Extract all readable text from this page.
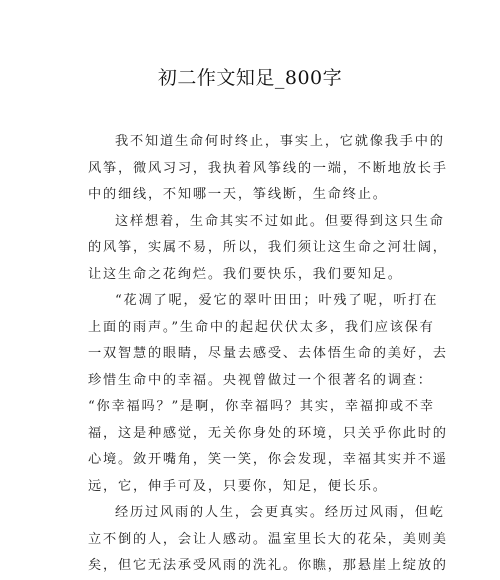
初二作文知足_800字
我不知道生命何时终止，事实上，它就像我手中的
风筝，微风习习，我执着风筝线的一端，不断地放长手
中的细线，不知哪一天，筝线断，生命终止。
这样想着，生命其实不过如此。但要得到这只生命
的风筝，实属不易，所以，我们须让这生命之河壮阔，
让这生命之花绚烂。我们要快乐，我们要知足。
“花凋了呢，爱它的翠叶田田；叶残了呢，听打在
上面的雨声。”生命中的起起伏伏太多，我们应该保有
一双智慧的眼睛，尽量去感受、去体悟生命的美好，去
珍惜生命中的幸福。央视曾做过一个很著名的调查：
“你幸福吗？”是啊，你幸福吗？其实，幸福抑或不幸
福，这是种感觉，无关你身处的环境，只关乎你此时的
心境。敛开嘴角，笑一笑，你会发现，幸福其实并不遥
远，它，伸手可及，只要你，知足，便长乐。
经历过风雨的人生，会更真实。经历过风雨，但屹
立不倒的人，会让人感动。温室里长大的花朵，美则美
矣，但它无法承受风雨的洗礼。你瞧，那悬崖上绽放的
